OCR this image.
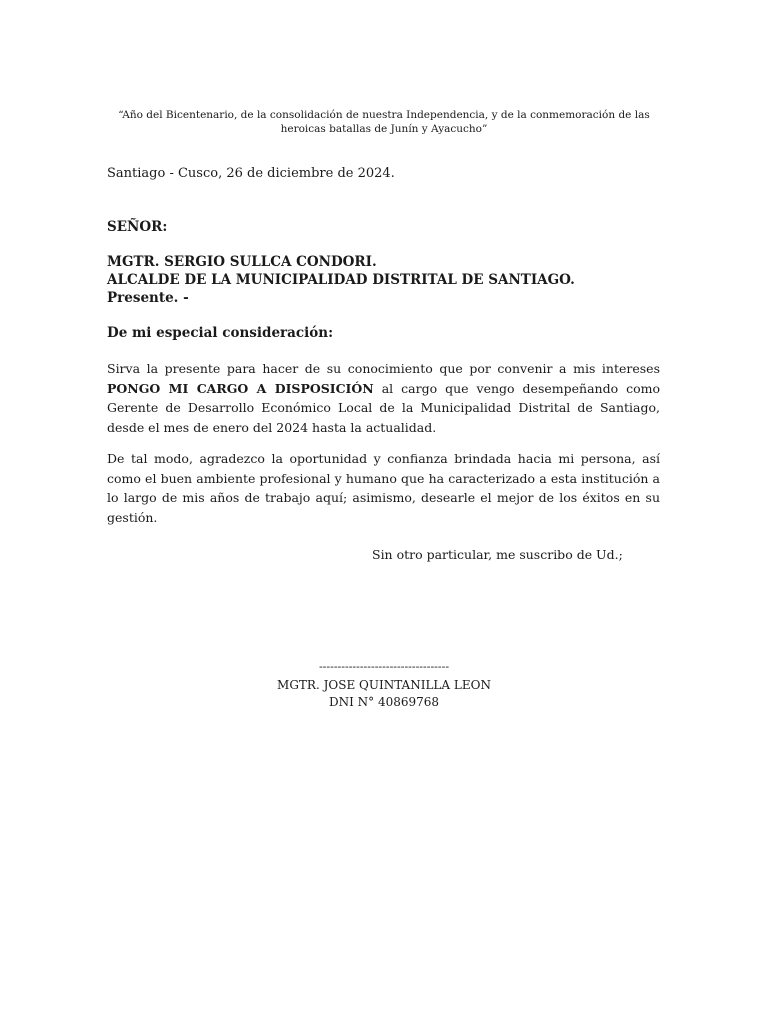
“Año del Bicentenario, de la consolidación de nuestra Independencia, y de la conmemoración de las heroicas batallas de Junín y Ayacucho”
Santiago - Cusco, 26 de diciembre de 2024.
SEÑOR:
MGTR. SERGIO SULLCA CONDORI.
ALCALDE DE LA MUNICIPALIDAD DISTRITAL DE SANTIAGO.
Presente. -
De mi especial consideración:
Sirva la presente para hacer de su conocimiento que por convenir a mis intereses PONGO MI CARGO A DISPOSICIÓN al cargo que vengo desempeñando como Gerente de Desarrollo Económico Local de la Municipalidad Distrital de Santiago, desde el mes de enero del 2024 hasta la actualidad.
De tal modo, agradezco la oportunidad y confianza brindada hacia mi persona, así como el buen ambiente profesional y humano que ha caracterizado a esta institución a lo largo de mis años de trabajo aquí; asimismo, desearle el mejor de los éxitos en su gestión.
Sin otro particular, me suscribo de Ud.;
-----------------------------------
MGTR. JOSE QUINTANILLA LEON
DNI N° 40869768
